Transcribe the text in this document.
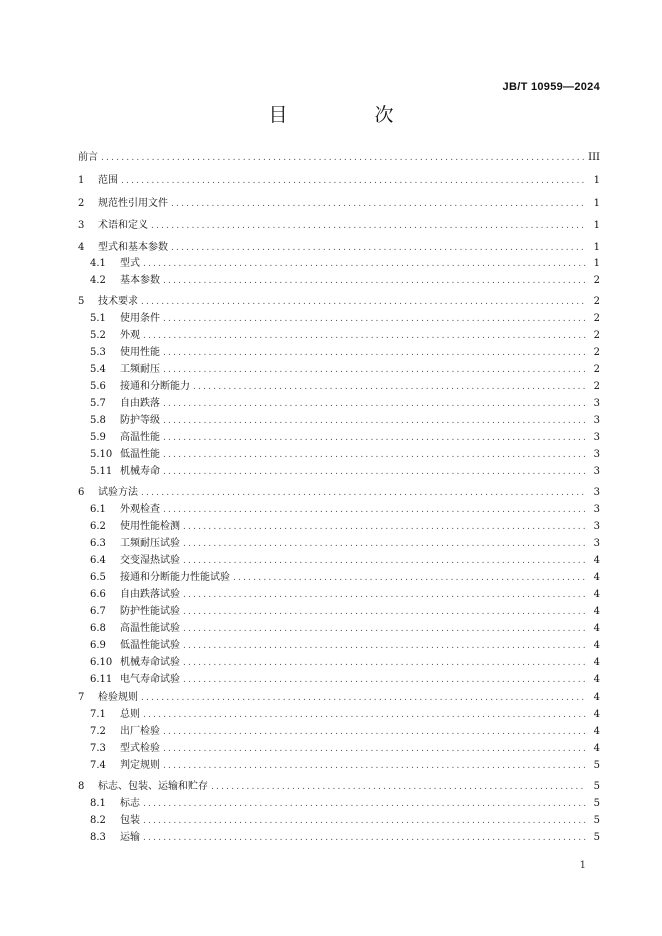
JB/T 10959—2024
目　次
前言 .....	III
1	范围 .....	1
2	规范性引用文件 .....	1
3	术语和定义 .....	1
4	型式和基本参数 .....	1
4.1	型式 .....	1
4.2	基本参数 .....	2
5	技术要求 .....	2
5.1	使用条件 .....	2
5.2	外观 .....	2
5.3	使用性能 .....	2
5.4	工频耐压 .....	2
5.6	接通和分断能力 .....	2
5.7	自由跌落 .....	3
5.8	防护等级 .....	3
5.9	高温性能 .....	3
5.10 低温性能 .....	3
5.11 机械寿命 .....	3
6	试验方法 .....	3
6.1	外观检查 .....	3
6.2	使用性能检测 .....	3
6.3	工频耐压试验 .....	3
6.4	交变湿热试验 .....	4
6.5	接通和分断能力性能试验 .....	4
6.6	自由跌落试验 .....	4
6.7	防护性能试验 .....	4
6.8	高温性能试验 .....	4
6.9	低温性能试验 .....	4
6.10 机械寿命试验 .....	4
6.11 电气寿命试验 .....	4
7	检验规则 .....	4
7.1	总则 .....	4
7.2	出厂检验 .....	4
7.3	型式检验 .....	4
7.4	判定规则 .....	5
8	标志、包装、运输和贮存 .....	5
8.1	标志 .....	5
8.2	包装 .....	5
8.3	运输 .....	5
1
